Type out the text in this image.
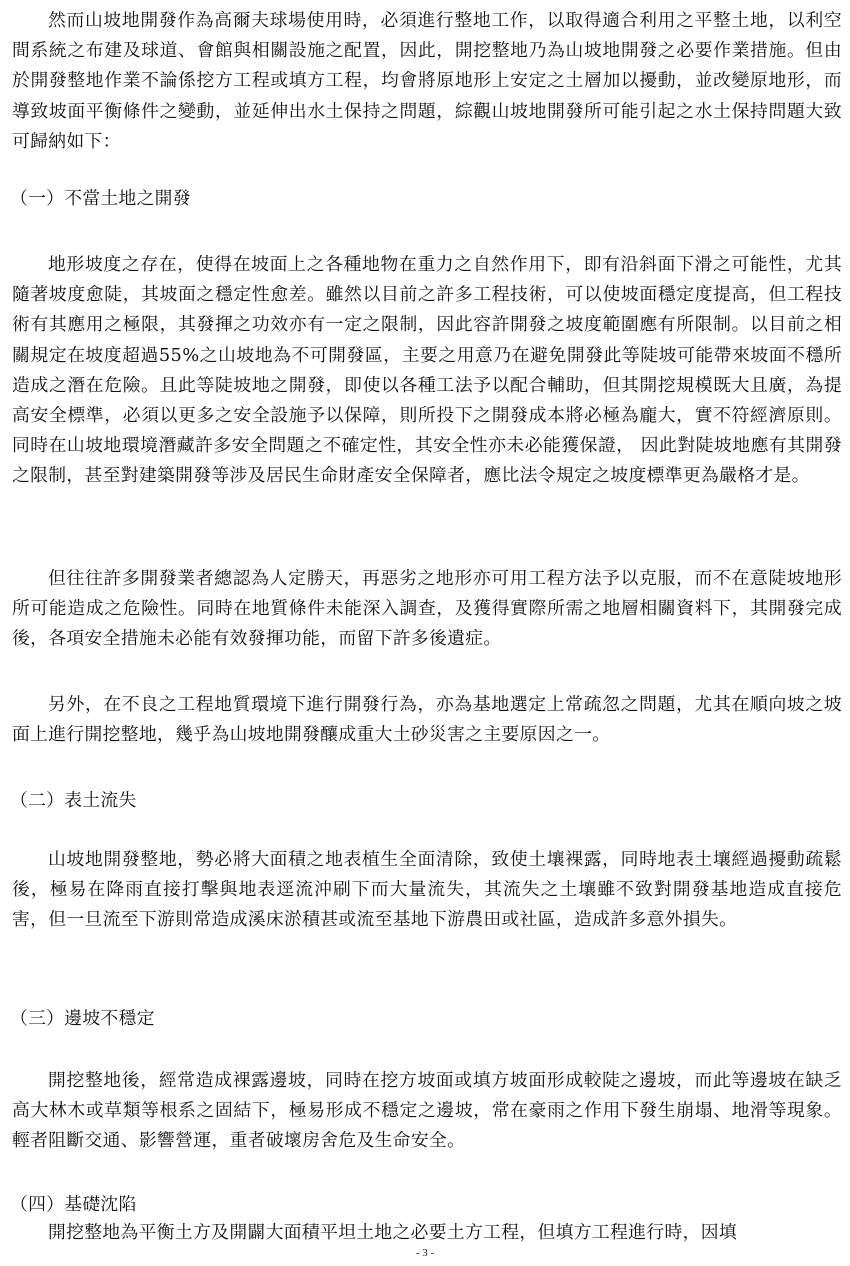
然而山坡地開發作為高爾夫球場使用時，必須進行整地工作，以取得適合利用之平整土地，以利空間系統之布建及球道、會館與相關設施之配置，因此，開挖整地乃為山坡地開發之必要作業措施。但由於開發整地作業不論係挖方工程或填方工程，均會將原地形上安定之土層加以擾動，並改變原地形，而導致坡面平衡條件之變動，並延伸出水土保持之問題，綜觀山坡地開發所可能引起之水土保持問題大致可歸納如下：

（一）不當土地之開發

地形坡度之存在，使得在坡面上之各種地物在重力之自然作用下，即有沿斜面下滑之可能性，尤其隨著坡度愈陡，其坡面之穩定性愈差。雖然以目前之許多工程技術，可以使坡面穩定度提高，但工程技術有其應用之極限，其發揮之功效亦有一定之限制，因此容許開發之坡度範圍應有所限制。以目前之相關規定在坡度超過55%之山坡地為不可開發區，主要之用意乃在避免開發此等陡坡可能帶來坡面不穩所造成之潛在危險。且此等陡坡地之開發，即使以各種工法予以配合輔助，但其開挖規模既大且廣，為提高安全標準，必須以更多之安全設施予以保障，則所投下之開發成本將必極為龐大，實不符經濟原則。同時在山坡地環境潛藏許多安全問題之不確定性，其安全性亦未必能獲保證， 因此對陡坡地應有其開發之限制，甚至對建築開發等涉及居民生命財產安全保障者，應比法令規定之坡度標準更為嚴格才是。

但往往許多開發業者總認為人定勝天，再惡劣之地形亦可用工程方法予以克服，而不在意陡坡地形所可能造成之危險性。同時在地質條件未能深入調查，及獲得實際所需之地層相關資料下，其開發完成後，各項安全措施未必能有效發揮功能，而留下許多後遺症。

另外，在不良之工程地質環境下進行開發行為，亦為基地選定上常疏忽之問題，尤其在順向坡之坡面上進行開挖整地，幾乎為山坡地開發釀成重大土砂災害之主要原因之一。

（二）表土流失

山坡地開發整地，勢必將大面積之地表植生全面清除，致使土壤裸露，同時地表土壤經過擾動疏鬆後，極易在降雨直接打擊與地表逕流沖刷下而大量流失，其流失之土壤雖不致對開發基地造成直接危害，但一旦流至下游則常造成溪床淤積甚或流至基地下游農田或社區，造成許多意外損失。

（三）邊坡不穩定

開挖整地後，經常造成裸露邊坡，同時在挖方坡面或填方坡面形成較陡之邊坡，而此等邊坡在缺乏高大林木或草類等根系之固結下，極易形成不穩定之邊坡，常在豪雨之作用下發生崩塌、地滑等現象。輕者阻斷交通、影響營運，重者破壞房舍危及生命安全。

（四）基礎沈陷

開挖整地為平衡土方及開闢大面積平坦土地之必要土方工程，但填方工程進行時，因填

- 3 -
